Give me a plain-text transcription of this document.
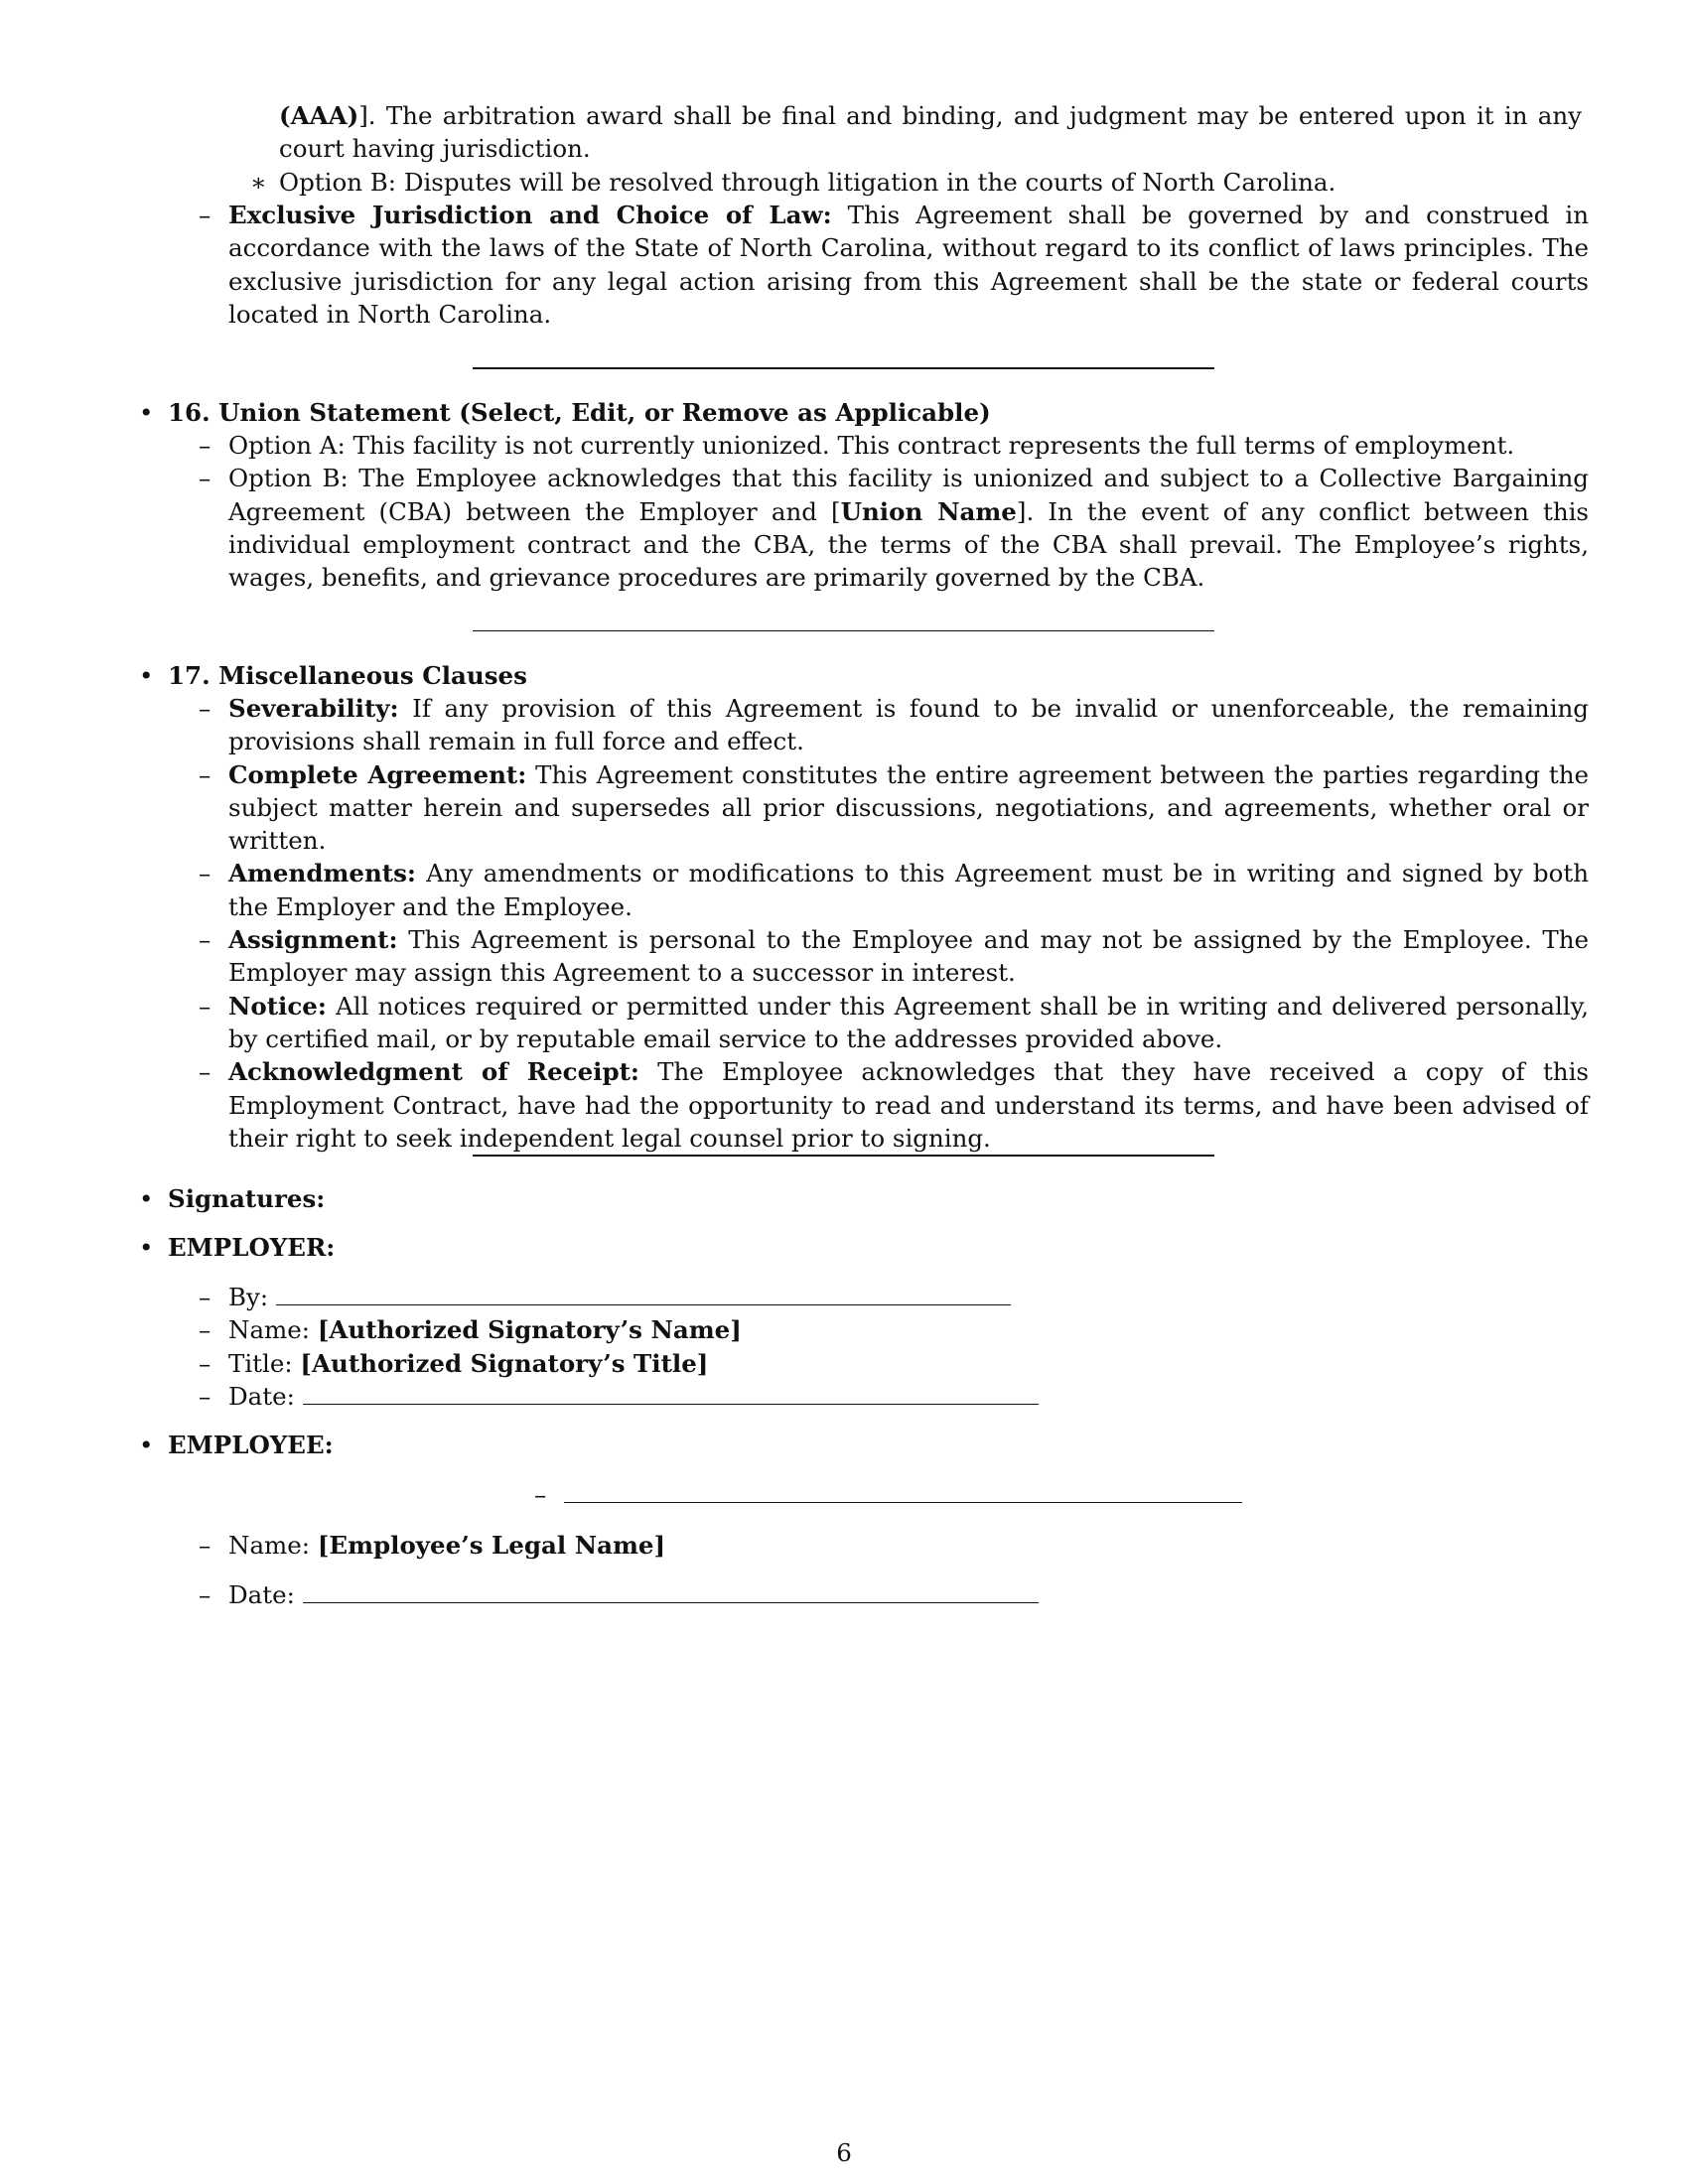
(AAA)]. The arbitration award shall be final and binding, and judgment may be entered upon it in any court having jurisdiction.
∗ Option B: Disputes will be resolved through litigation in the courts of North Carolina.
– Exclusive Jurisdiction and Choice of Law: This Agreement shall be governed by and construed in accordance with the laws of the State of North Carolina, without regard to its conflict of laws principles. The exclusive jurisdiction for any legal action arising from this Agreement shall be the state or federal courts located in North Carolina.
• 16. Union Statement (Select, Edit, or Remove as Applicable)
– Option A: This facility is not currently unionized. This contract represents the full terms of employment.
– Option B: The Employee acknowledges that this facility is unionized and subject to a Collective Bargaining Agreement (CBA) between the Employer and [Union Name]. In the event of any conflict between this individual employment contract and the CBA, the terms of the CBA shall prevail. The Employee’s rights, wages, benefits, and grievance procedures are primarily governed by the CBA.
• 17. Miscellaneous Clauses
– Severability: If any provision of this Agreement is found to be invalid or unenforceable, the remaining provisions shall remain in full force and effect.
– Complete Agreement: This Agreement constitutes the entire agreement between the parties regarding the subject matter herein and supersedes all prior discussions, negotiations, and agreements, whether oral or written.
– Amendments: Any amendments or modifications to this Agreement must be in writing and signed by both the Employer and the Employee.
– Assignment: This Agreement is personal to the Employee and may not be assigned by the Employee. The Employer may assign this Agreement to a successor in interest.
– Notice: All notices required or permitted under this Agreement shall be in writing and delivered personally, by certified mail, or by reputable email service to the addresses provided above.
– Acknowledgment of Receipt: The Employee acknowledges that they have received a copy of this Employment Contract, have had the opportunity to read and understand its terms, and have been advised of their right to seek independent legal counsel prior to signing.
• Signatures:
• EMPLOYER:
– By:
– Name: [Authorized Signatory’s Name]
– Title: [Authorized Signatory’s Title]
– Date:
• EMPLOYEE:
–
– Name: [Employee’s Legal Name]
– Date:
6
